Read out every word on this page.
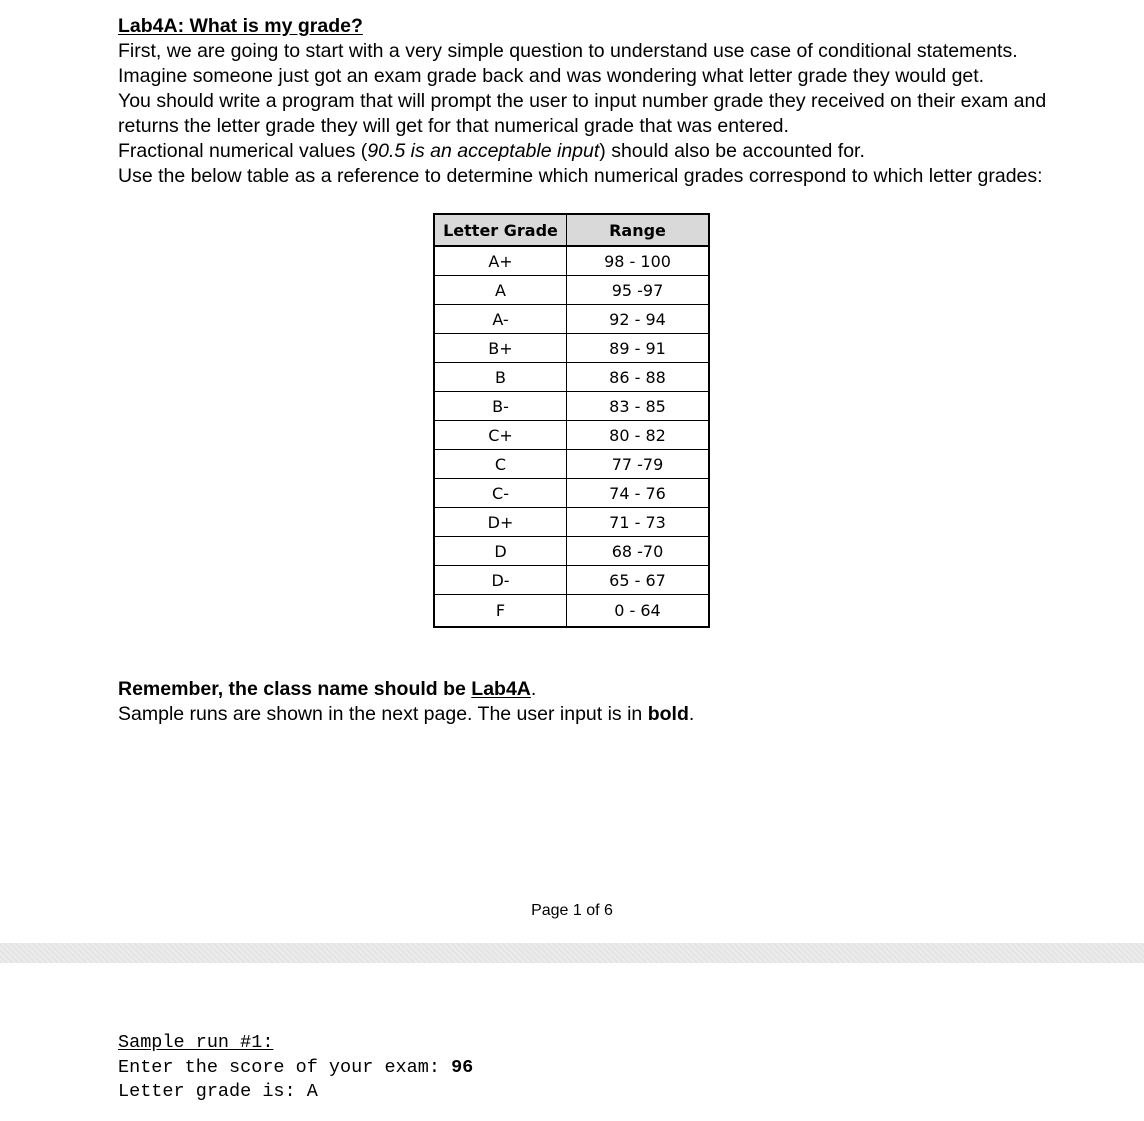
Lab4A: What is my grade?
First, we are going to start with a very simple question to understand use case of conditional statements.
Imagine someone just got an exam grade back and was wondering what letter grade they would get.
You should write a program that will prompt the user to input number grade they received on their exam and
returns the letter grade they will get for that numerical grade that was entered.
Fractional numerical values (90.5 is an acceptable input) should also be accounted for.
Use the below table as a reference to determine which numerical grades correspond to which letter grades:
Letter Grade	Range
A+	98 - 100
A	95 -97
A-	92 - 94
B+	89 - 91
B	86 - 88
B-	83 - 85
C+	80 - 82
C	77 -79
C-	74 - 76
D+	71 - 73
D	68 -70
D-	65 - 67
F	0 - 64
Remember, the class name should be Lab4A.
Sample runs are shown in the next page. The user input is in bold.
Page 1 of 6
Sample run #1:
Enter the score of your exam: 96
Letter grade is: A
